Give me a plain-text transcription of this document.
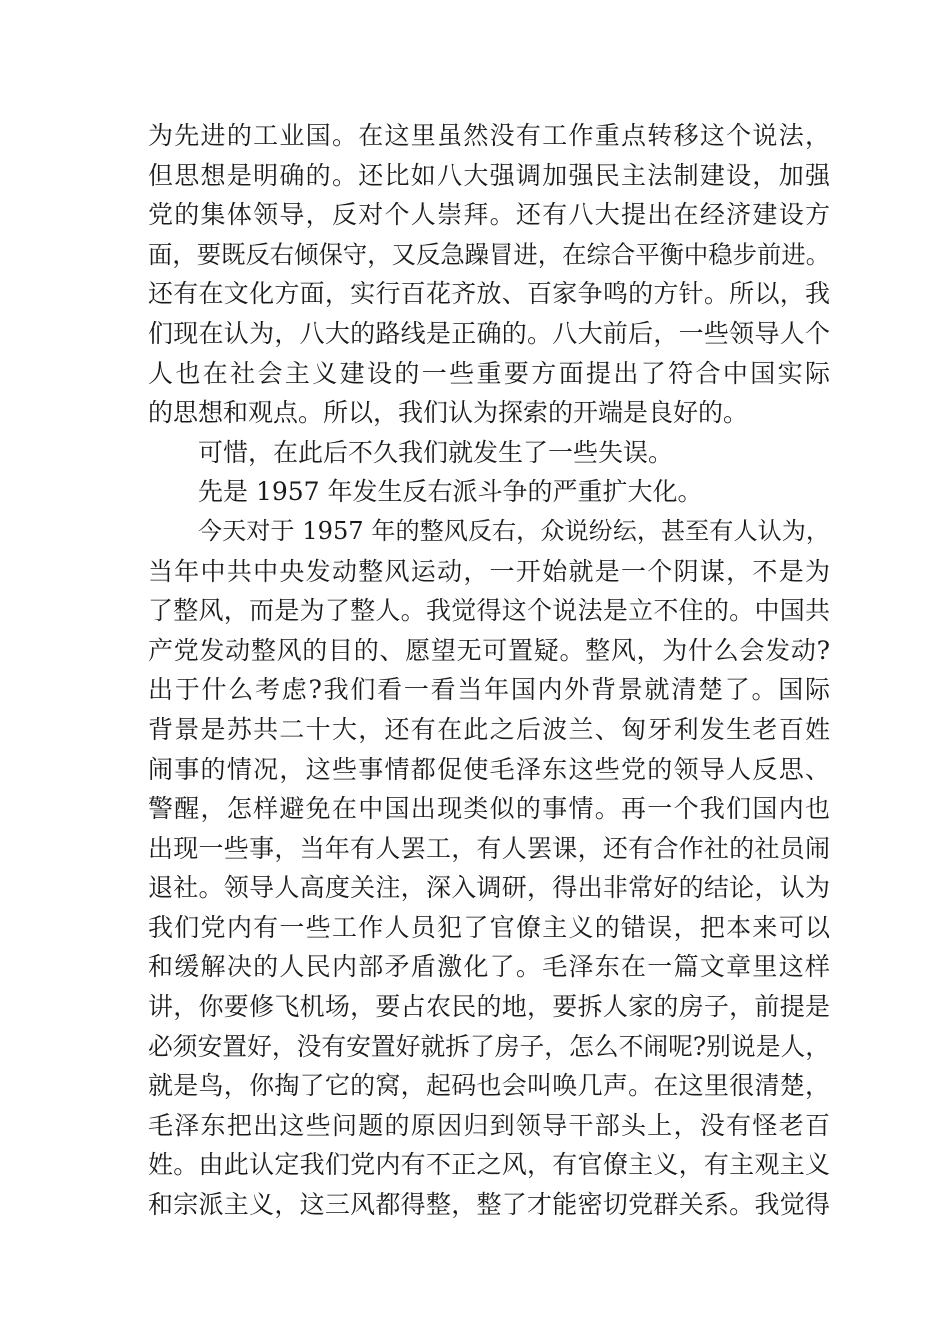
为先进的工业国。在这里虽然没有工作重点转移这个说法，
但思想是明确的。还比如八大强调加强民主法制建设，加强
党的集体领导，反对个人崇拜。还有八大提出在经济建设方
面，要既反右倾保守，又反急躁冒进，在综合平衡中稳步前进。
还有在文化方面，实行百花齐放、百家争鸣的方针。所以，我
们现在认为，八大的路线是正确的。八大前后，一些领导人个
人也在社会主义建设的一些重要方面提出了符合中国实际
的思想和观点。所以，我们认为探索的开端是良好的。
可惜，在此后不久我们就发生了一些失误。
先是 1957 年发生反右派斗争的严重扩大化。
今天对于 1957 年的整风反右，众说纷纭，甚至有人认为，
当年中共中央发动整风运动，一开始就是一个阴谋，不是为
了整风，而是为了整人。我觉得这个说法是立不住的。中国共
产党发动整风的目的、愿望无可置疑。整风，为什么会发动?
出于什么考虑?我们看一看当年国内外背景就清楚了。国际
背景是苏共二十大，还有在此之后波兰、匈牙利发生老百姓
闹事的情况，这些事情都促使毛泽东这些党的领导人反思、
警醒，怎样避免在中国出现类似的事情。再一个我们国内也
出现一些事，当年有人罢工，有人罢课，还有合作社的社员闹
退社。领导人高度关注，深入调研，得出非常好的结论，认为
我们党内有一些工作人员犯了官僚主义的错误，把本来可以
和缓解决的人民内部矛盾激化了。毛泽东在一篇文章里这样
讲，你要修飞机场，要占农民的地，要拆人家的房子，前提是
必须安置好，没有安置好就拆了房子，怎么不闹呢?别说是人，
就是鸟，你掏了它的窝，起码也会叫唤几声。在这里很清楚，
毛泽东把出这些问题的原因归到领导干部头上，没有怪老百
姓。由此认定我们党内有不正之风，有官僚主义，有主观主义
和宗派主义，这三风都得整，整了才能密切党群关系。我觉得
